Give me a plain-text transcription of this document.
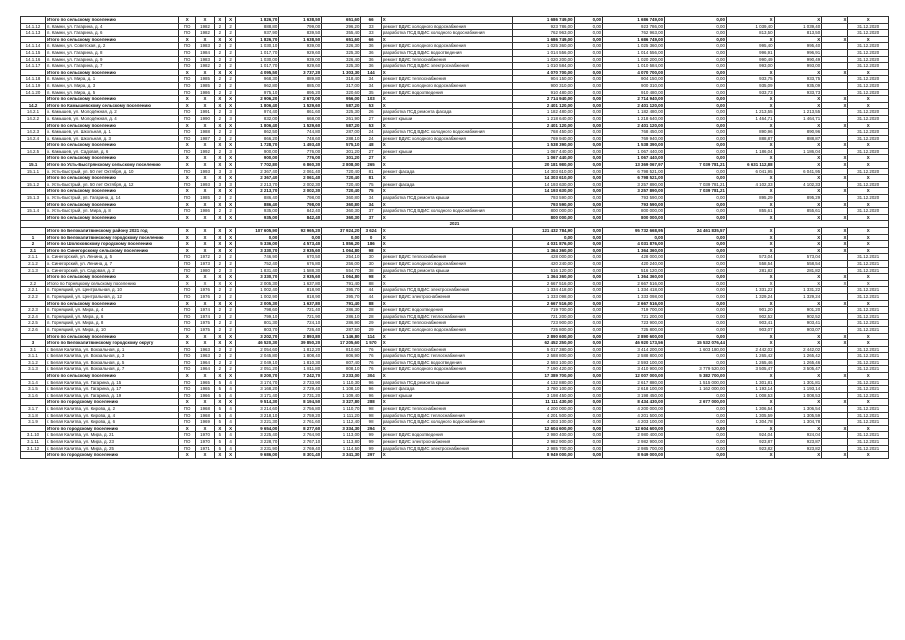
	Итого по сельскому поселению	X	X	X	X	1 826,70	1 638,50	651,60	66	X	1 686 749,00	0,00	1 686 749,00	0,00	X	X	X	X
14.1.12	п. Камни, ул. Гагарина, д. 4	ПО	1982	2	2	888,80	799,00	296,20	33	ремонт ВДИС холодного водоснабжения	923 786,00	0,00	923 786,00	0,00	1 039,40	1 039,40		31.12.2020
14.1.13	п. Камни, ул. Гагарина, д. 6	ПО	1982	2	2	937,90	839,50	355,40	33	разработка ПСД ВДИС холодного водоснабжения	762 963,00	0,00	762 963,00	0,00	813,50	813,50		31.12.2020
	Итого по сельскому поселению	X	X	X	X	1 826,70	1 638,50	651,60	66	X	1 686 749,00	0,00	1 686 749,00	0,00	X	X	X	X
14.1.14	п. Камни, ул. Советская, д. 2	ПО	1983	2	2	1 030,10	939,00	326,30	36	ремонт ВДИС холодного водоснабжения	1 025 360,00	0,00	1 025 360,00	0,00	995,40	995,40		31.12.2020
14.1.15	п. Камни, ул. Гагарина, д. 8	ПО	1984	2	2	1 017,70	929,60	325,30	36	разработка ПСД ВДИС водоотведения	1 014 556,00	0,00	1 014 556,00	0,00	996,91	996,91		31.12.2020
14.1.16	п. Камни, ул. Гагарина, д. 9	ПО	1983	2	2	1 030,00	939,00	326,40	36	ремонт ВДИС теплоснабжения	1 020 200,00	0,00	1 020 200,00	0,00	990,49	990,49		31.12.2020
14.1.17	п. Камни, ул. Гагарина, д. 7	ПО	1982	2	2	1 017,70	929,60	325,30	36	разработка ПСД ВДИС электроснабжения	1 010 584,00	0,00	1 010 584,00	0,00	993,00	993,00		31.12.2020
	Итого по сельскому поселению	X	X	X	X	4 095,50	3 737,20	1 303,30	144	X	4 070 700,00	0,00	4 070 700,00	0,00	X	X	X	X
14.1.18	п. Камни, ул. Мира, д. 1	ПО	1985	2	2	968,30	889,80	318,40	34	ремонт ВДИС теплоснабжения	904 150,00	0,00	904 150,00	0,00	933,75	933,75		31.12.2020
14.1.19	п. Камни, ул. Мира, д. 3	ПО	1985	2	2	962,80	885,00	317,00	34	ремонт ВДИС холодного водоснабжения	900 310,00	0,00	900 310,00	0,00	935,09	935,09		31.12.2020
14.1.20	п. Камни, ул. Мира, д. 5	ПО	1986	2	2	975,10	895,20	320,60	35	ремонт ВДИС водоотведения	910 480,00	0,00	910 480,00	0,00	933,73	933,73		31.12.2020
	Итого по сельскому поселению	X	X	X	X	2 906,20	2 670,00	956,00	103	X	2 714 940,00	0,00	2 714 940,00	0,00	X	X	X	X
14.2	Итого по Камышевскому сельскому поселению	X	X	X	X	1 806,40	1 529,60	587,20	53	X	2 401 120,00	0,00	2 401 120,00	0,00	X	X	X	X
14.2.1	х. Камышев, ул. Молодёжная, д. 2	ПО	1991	2	3	974,40	861,60	325,30	26	разработка ПСД ремонта фасада	1 182 480,00	0,00	1 182 480,00	0,00	1 213,55	1 213,55		31.12.2020
14.2.2	х. Камышев, ул. Молодёжная, д. 4	ПО	1990	2	3	832,00	668,00	261,90	27	ремонт крыши	1 218 640,00	0,00	1 218 640,00	0,00	1 464,71	1 464,71		31.12.2020
	Итого по сельскому поселению	X	X	X	X	1 806,40	1 529,60	587,20	53	X	2 401 120,00	0,00	2 401 120,00	0,00	X	X	X	X
14.2.3	х. Камышев, ул. Школьная, д. 1	ПО	1988	2	2	862,50	744,80	287,00	24	разработка ПСД ВДИС холодного водоснабжения	768 450,00	0,00	768 450,00	0,00	890,96	890,96		31.12.2020
14.2.4	х. Камышев, ул. Школьная, д. 3	ПО	1987	2	2	866,20	748,60	288,10	24	ремонт ВДИС холодного водоснабжения	769 940,00	0,00	769 940,00	0,00	888,87	888,87		31.12.2020
	Итого по сельскому поселению	X	X	X	X	1 728,70	1 493,40	575,10	48	X	1 538 390,00	0,00	1 538 390,00	0,00	X	X	X	X
14.2.5	х. Камышев, ул. Садовая, д. 6	ПО	1992	2	3	900,00	776,00	301,20	27	ремонт крыши	1 067 440,00	0,00	1 067 440,00	0,00	1 186,04	1 186,04		31.12.2020
	Итого по сельскому поселению	X	X	X	X	900,00	776,00	301,20	27	X	1 067 440,00	0,00	1 067 440,00	0,00	X	X	X	X
15.1	Итого по Усть-Быстрянскому сельскому поселению	X	X	X	X	7 702,80	6 860,30	2 808,00	265	X	20 181 980,00	0,00	13 369 067,97	7 039 781,21	6 631 112,88	X	X	X
15.1.1	х. Усть-Быстрый, ул. 50 лет Октября, д. 10	ПО	1993	3	3	2 367,40	2 061,40	720,40	81	ремонт фасада	14 303 610,00	0,00	6 798 521,00	0,00	6 041,95	6 041,95		31.12.2020
	Итого по сельскому поселению	X	X	X	X	2 367,40	2 061,40	720,40	81	X	14 303 610,00	0,00	6 798 521,00	0,00	X	X	X	X
15.1.2	х. Усть-Быстрый, ул. 50 лет Октября, д. 12	ПО	1993	3	3	2 213,70	2 002,30	720,40	75	ремонт фасада	14 193 630,00	0,00	3 257 890,00	7 039 781,21	4 102,33	4 102,33		31.12.2020
	Итого по сельскому поселению	X	X	X	X	2 213,70	2 002,30	720,40	75	X	14 193 630,00	0,00	3 257 890,00	7 039 781,21	X	X	X	X
15.1.3	х. Усть-Быстрый, ул. Гагарина, д. 14	ПО	1985	2	2	886,40	798,00	360,80	34	разработка ПСД ремонта крыши	793 590,00	0,00	793 590,00	0,00	895,29	895,29		31.12.2020
	Итого по сельскому поселению	X	X	X	X	886,40	798,00	360,80	34	X	793 590,00	0,00	793 590,00	0,00	X	X	X	X
15.1.4	х. Усть-Быстрый, ул. Мира, д. 8	ПО	1986	2	2	935,00	842,40	360,30	37	разработка ПСД ВДИС холодного водоснабжения	800 000,00	0,00	800 000,00	0,00	855,61	855,61		31.12.2020
	Итого по сельскому поселению	X	X	X	X	935,00	842,40	360,30	37	X	800 000,00	0,00	800 000,00	0,00	X	X	X	X
2021																		
	Итого по Белокалитвинскому району 2021 год	X	X	X	X	107 605,90	92 965,20	37 924,20	3 624	X	121 432 784,90	0,00	95 732 668,95	24 461 835,57	X	X	X	X
1	Итого по Белокалитвинскому городскому поселению	X	X	X	X	0,00	0,00	0,00	0	X	0,00	0,00	0,00	0,00	X	X	X	X
2	Итого по Шолоховскому городскому поселению	X	X	X	X	5 336,00	4 573,40	1 856,20	186	X	4 031 876,00	0,00	4 031 876,00	0,00	X	X	X	X
2.1	Итого по Синегорскому сельскому поселению	X	X	X	X	3 330,70	2 935,60	1 064,80	98	X	1 364 360,00	0,00	1 364 360,00	0,00	X	X	X	X
2.1.1	х. Синегорский, ул. Ленина, д. 5	ПО	1972	2	2	746,90	670,50	254,10	30	ремонт ВДИС теплоснабжения	428 000,00	0,00	428 000,00	0,00	573,04	573,04		31.12.2021
2.1.2	х. Синегорский, ул. Ленина, д. 7	ПО	1973	2	2	752,40	676,80	256,00	30	ремонт ВДИС холодного водоснабжения	420 240,00	0,00	420 240,00	0,00	558,54	558,54		31.12.2021
2.1.3	х. Синегорский, ул. Садовая, д. 2	ПО	1980	2	3	1 831,40	1 588,30	554,70	38	разработка ПСД ремонта крыши	516 120,00	0,00	516 120,00	0,00	281,82	281,82		31.12.2021
	Итого по сельскому поселению	X	X	X	X	3 330,70	2 935,60	1 064,80	98	X	1 364 360,00	0,00	1 364 360,00	0,00	X	X	X	X
2.2	Итого по Горняцкому сельскому поселению	X	X	X	X	2 005,30	1 637,80	791,40	88	X	2 667 516,00	0,00	2 667 516,00	0,00	X	X	X	X
2.2.1	п. Горняцкий, ул. Центральная, д. 10	ПО	1976	2	2	1 002,40	818,90	395,70	44	разработка ПСД ВДИС электроснабжения	1 334 418,00	0,00	1 334 418,00	0,00	1 331,22	1 331,22		31.12.2021
2.2.2	п. Горняцкий, ул. Центральная, д. 12	ПО	1976	2	2	1 002,90	818,90	395,70	44	ремонт ВДИС электроснабжения	1 333 098,00	0,00	1 333 098,00	0,00	1 329,24	1 329,24		31.12.2021
	Итого по сельскому поселению	X	X	X	X	2 005,30	1 637,80	791,40	88	X	2 667 516,00	0,00	2 667 516,00	0,00	X	X	X	X
2.2.3	п. Горняцкий, ул. Мира, д. 4	ПО	1974	2	2	798,60	721,40	286,30	28	ремонт ВДИС водоотведения	719 700,00	0,00	719 700,00	0,00	901,20	901,20		31.12.2021
2.2.4	п. Горняцкий, ул. Мира, д. 6	ПО	1974	2	2	799,10	721,90	286,10	28	разработка ПСД ВДИС теплоснабжения	721 200,00	0,00	721 200,00	0,00	902,52	902,52		31.12.2021
2.2.5	п. Горняцкий, ул. Мира, д. 8	ПО	1975	2	2	801,30	724,10	286,90	29	ремонт ВДИС теплоснабжения	723 900,00	0,00	723 900,00	0,00	903,41	903,41		31.12.2021
2.2.6	п. Горняцкий, ул. Мира, д. 10	ПО	1975	2	2	803,70	726,40	287,50	29	ремонт ВДИС холодного водоснабжения	725 800,00	0,00	725 800,00	0,00	903,07	903,07		31.12.2021
	Итого по сельскому поселению	X	X	X	X	3 202,70	2 893,80	1 146,80	114	X	2 890 600,00	0,00	2 890 600,00	0,00	X	X	X	X
3	Итого по Белокалитвинскому городскому округу	X	X	X	X	46 520,30	39 850,20	17 205,60	1 570	X	62 452 250,00	0,00	46 920 173,56	15 532 076,44	X	X	X	X
3.1	г. Белая Калитва, ул. Вокзальная, д. 1	ПО	1963	2	2	2 054,60	1 812,20	810,60	76	ремонт ВДИС теплоснабжения	5 017 380,00	0,00	3 414 200,00	1 603 180,00	2 442,02	2 442,02		31.12.2021
3.1.1	г. Белая Калитва, ул. Вокзальная, д. 3	ПО	1963	2	2	2 045,80	1 808,40	806,90	76	разработка ПСД ВДИС теплоснабжения	2 588 800,00	0,00	2 588 800,00	0,00	1 265,42	1 265,42		31.12.2021
3.1.2	г. Белая Калитва, ул. Вокзальная, д. 5	ПО	1964	2	2	2 049,10	1 810,30	807,40	76	разработка ПСД ВДИС водоотведения	2 593 100,00	0,00	2 593 100,00	0,00	1 265,46	1 265,46		31.12.2021
3.1.3	г. Белая Калитва, ул. Вокзальная, д. 7	ПО	1964	2	2	2 051,20	1 811,80	808,10	76	ремонт ВДИС холодного водоснабжения	7 190 420,00	0,00	3 410 900,00	3 779 520,00	3 505,47	3 505,47		31.12.2021
	Итого по сельскому поселению	X	X	X	X	8 200,70	7 242,70	3 233,00	304	X	17 389 700,00	0,00	12 007 000,00	5 382 700,00	X	X	X	X
3.1.4	г. Белая Калитва, ул. Гагарина, д. 15	ПО	1965	5	4	3 174,70	2 733,90	1 110,30	96	разработка ПСД ремонта крыши	4 132 880,00	0,00	2 617 880,00	1 515 000,00	1 301,81	1 301,81		31.12.2021
3.1.5	г. Белая Калитва, ул. Гагарина, д. 17	ПО	1965	5	4	3 168,20	2 729,40	1 108,10	96	ремонт фасада	3 780 100,00	0,00	2 618 100,00	1 162 000,00	1 193,14	1 193,14		31.12.2021
3.1.6	г. Белая Калитва, ул. Гагарина, д. 19	ПО	1966	5	4	3 171,40	2 731,20	1 109,40	96	ремонт крыши	3 198 450,00	0,00	3 198 450,00	0,00	1 008,53	1 008,53		31.12.2021
	Итого по городскому поселению	X	X	X	X	9 514,30	8 194,50	3 327,80	288	X	11 111 430,00	0,00	8 434 430,00	2 677 000,00	X	X	X	X
3.1.7	г. Белая Калитва, ул. Кирова, д. 2	ПО	1968	5	4	3 214,60	2 756,80	1 110,70	98	ремонт ВДИС теплоснабжения	4 200 000,00	0,00	4 200 000,00	0,00	1 306,54	1 306,54		31.12.2021
3.1.8	г. Белая Калитва, ул. Кирова, д. 4	ПО	1968	5	4	3 218,10	2 759,20	1 111,20	98	разработка ПСД ВДИС теплоснабжения	4 201 500,00	0,00	4 201 500,00	0,00	1 305,59	1 305,59		31.12.2021
3.1.9	г. Белая Калитва, ул. Кирова, д. 6	ПО	1969	5	4	3 221,30	2 761,60	1 112,40	98	разработка ПСД ВДИС холодного водоснабжения	4 203 100,00	0,00	4 203 100,00	0,00	1 304,78	1 304,78		31.12.2021
	Итого по городскому поселению	X	X	X	X	9 654,00	8 277,60	3 334,30	294	X	12 604 600,00	0,00	12 604 600,00	0,00	X	X	X	X
3.1.10	г. Белая Калитва, ул. Мира, д. 21	ПО	1970	5	4	3 225,40	2 764,90	1 113,00	99	ремонт ВДИС водоотведения	2 980 400,00	0,00	2 980 400,00	0,00	924,04	924,04		31.12.2021
3.1.11	г. Белая Калитва, ул. Мира, д. 23	ПО	1970	5	4	3 228,70	2 767,10	1 113,80	99	ремонт ВДИС электроснабжения	2 982 900,00	0,00	2 982 900,00	0,00	923,87	923,87		31.12.2021
3.1.12	г. Белая Калитва, ул. Мира, д. 25	ПО	1971	5	4	3 231,90	2 769,40	1 114,50	99	разработка ПСД ВДИС электроснабжения	2 985 700,00	0,00	2 985 700,00	0,00	923,82	923,82		31.12.2021
	Итого по городскому поселению	X	X	X	X	9 686,00	8 301,40	3 341,30	297	X	8 949 000,00	0,00	8 949 000,00	0,00	X	X	X	X
